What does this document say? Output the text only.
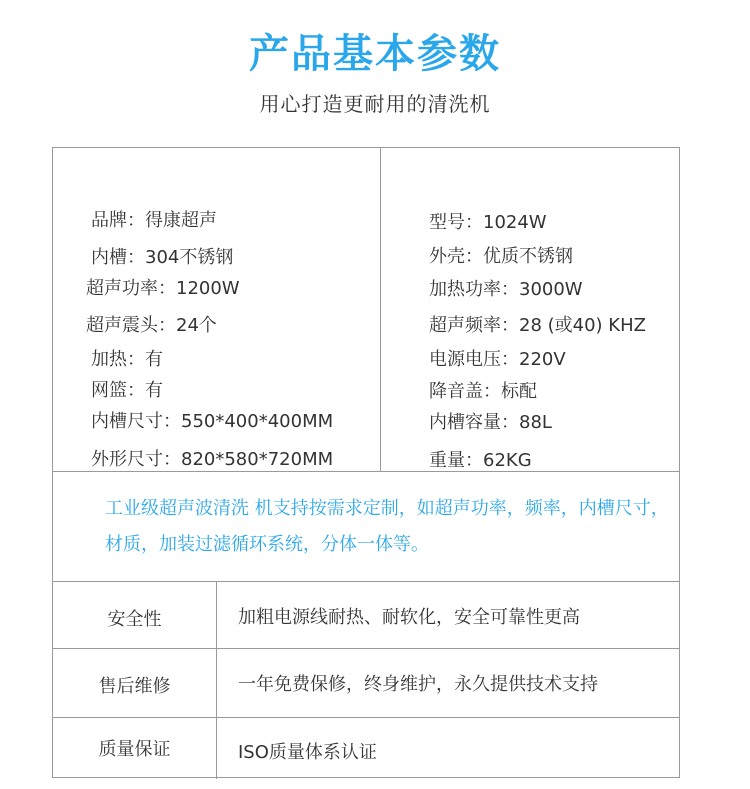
产品基本参数
用心打造更耐用的清洗机
品牌：得康超声
内槽：304不锈钢
超声功率：1200W
超声震头：24个
加热：有
网篮：有
内槽尺寸：550*400*400MM
外形尺寸：820*580*720MM
型号：1024W
外壳：优质不锈钢
加热功率：3000W
超声频率：28 (或40) KHZ
电源电压：220V
降音盖：标配
内槽容量：88L
重量：62KG
工业级超声波清洗 机支持按需求定制，如超声功率，频率，内槽尺寸，材质，加装过滤循环系统，分体一体等。
安全性	加粗电源线耐热、耐软化，安全可靠性更高
售后维修	一年免费保修，终身维护，永久提供技术支持
质量保证	ISO质量体系认证
